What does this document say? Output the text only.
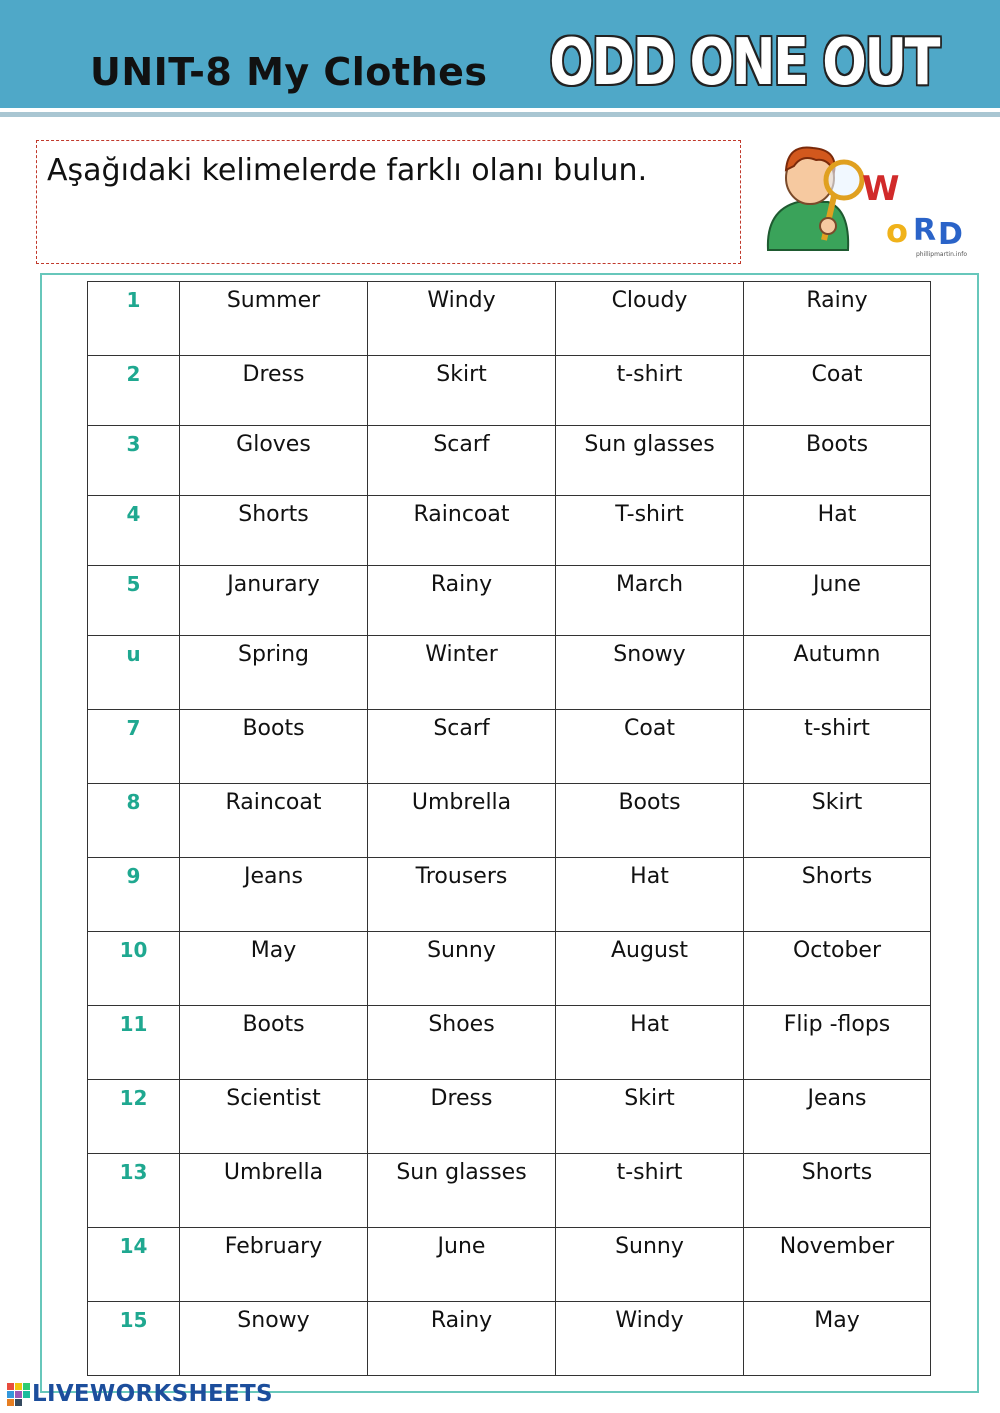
UNIT-8 My Clothes ODD ONE OUT
Aşağıdaki kelimelerde farklı olanı bulun.	W
o R D
phillipmartin.info
1	Summer	Windy	Cloudy	Rainy

2	Dress	Skirt	t-shirt	Coat

3	Gloves	Scarf	Sun glasses	Boots

4	Shorts	Raincoat	T-shirt	Hat

5	Janurary	Rainy	March	June

u	Spring	Winter	Snowy	Autumn

7	Boots	Scarf	Coat	t-shirt

8	Raincoat	Umbrella	Boots	Skirt

9	Jeans	Trousers	Hat	Shorts

10	May	Sunny	August	October

11	Boots	Shoes	Hat	Flip -flops

12	Scientist	Dress	Skirt	Jeans

13	Umbrella	Sun glasses	t-shirt	Shorts

14	February	June	Sunny	November

15	Snowy	Rainy	Windy	May
LIVEWORKSHEETS
